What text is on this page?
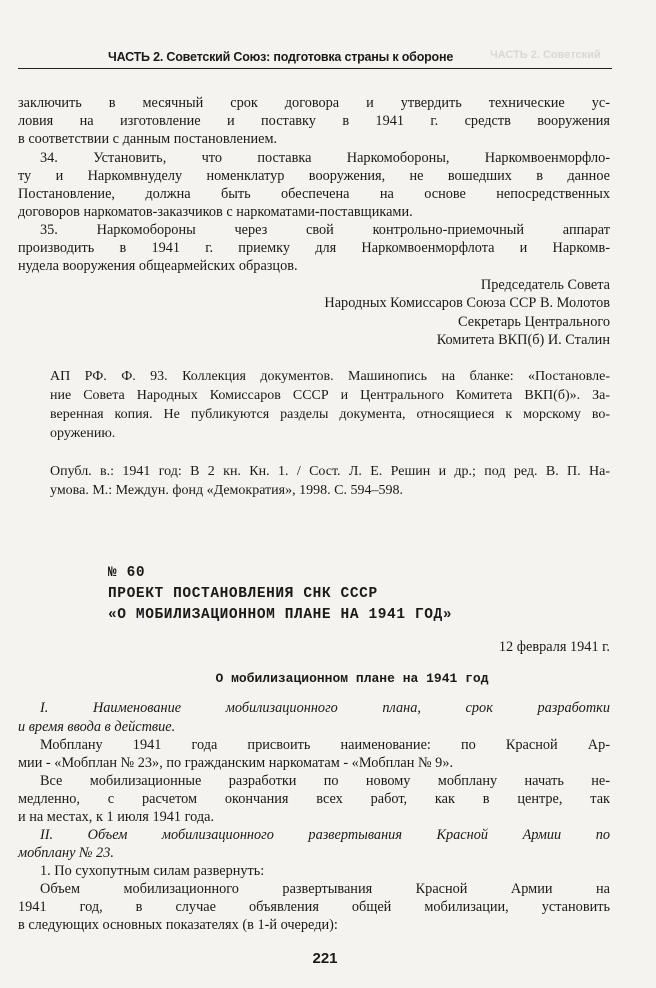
ЧАСТЬ 2. Советский
ЧАСТЬ 2. Советский Союз: подготовка страны к обороне
заключить в месячный срок договора и утвердить технические ус-
ловия на изготовление и поставку в 1941 г. средств вооружения
в соответствии с данным постановлением.
34. Установить, что поставка Наркомобороны, Наркомвоенморфло-
ту и Наркомвнуделу номенклатур вооружения, не вошедших в данное
Постановление, должна быть обеспечена на основе непосредственных
договоров наркоматов-заказчиков с наркоматами-поставщиками.
35. Наркомобороны через свой контрольно-приемочный аппарат
производить в 1941 г. приемку для Наркомвоенморфлота и Наркомв-
нудела вооружения общеармейских образцов.
Председатель Совета
Народных Комиссаров Союза ССР В. Молотов
Секретарь Центрального
Комитета ВКП(б) И. Сталин
АП РФ. Ф. 93. Коллекция документов. Машинопись на бланке: «Постановле-
ние Совета Народных Комиссаров СССР и Центрального Комитета ВКП(б)». За-
веренная копия. Не публикуются разделы документа, относящиеся к морскому во-
оружению.
Опубл. в.: 1941 год: В 2 кн. Кн. 1. / Сост. Л. Е. Решин и др.; под ред. В. П. На-
умова. М.: Междун. фонд «Демократия», 1998. С. 594–598.
№ 60
ПРОЕКТ ПОСТАНОВЛЕНИЯ СНК СССР
«О МОБИЛИЗАЦИОННОМ ПЛАНЕ НА 1941 ГОД»
12 февраля 1941 г.
О мобилизационном плане на 1941 год
I. Наименование мобилизационного плана, срок разработки
и время ввода в действие.
Мобплану 1941 года присвоить наименование: по Красной Ар-
мии - «Мобплан № 23», по гражданским наркоматам - «Мобплан № 9».
Все мобилизационные разработки по новому мобплану начать не-
медленно, с расчетом окончания всех работ, как в центре, так
и на местах, к 1 июля 1941 года.
II. Объем мобилизационного развертывания Красной Армии по
мобплану № 23.
1. По сухопутным силам развернуть:
Объем мобилизационного развертывания Красной Армии на
1941 год, в случае объявления общей мобилизации, установить
в следующих основных показателях (в 1-й очереди):
221
